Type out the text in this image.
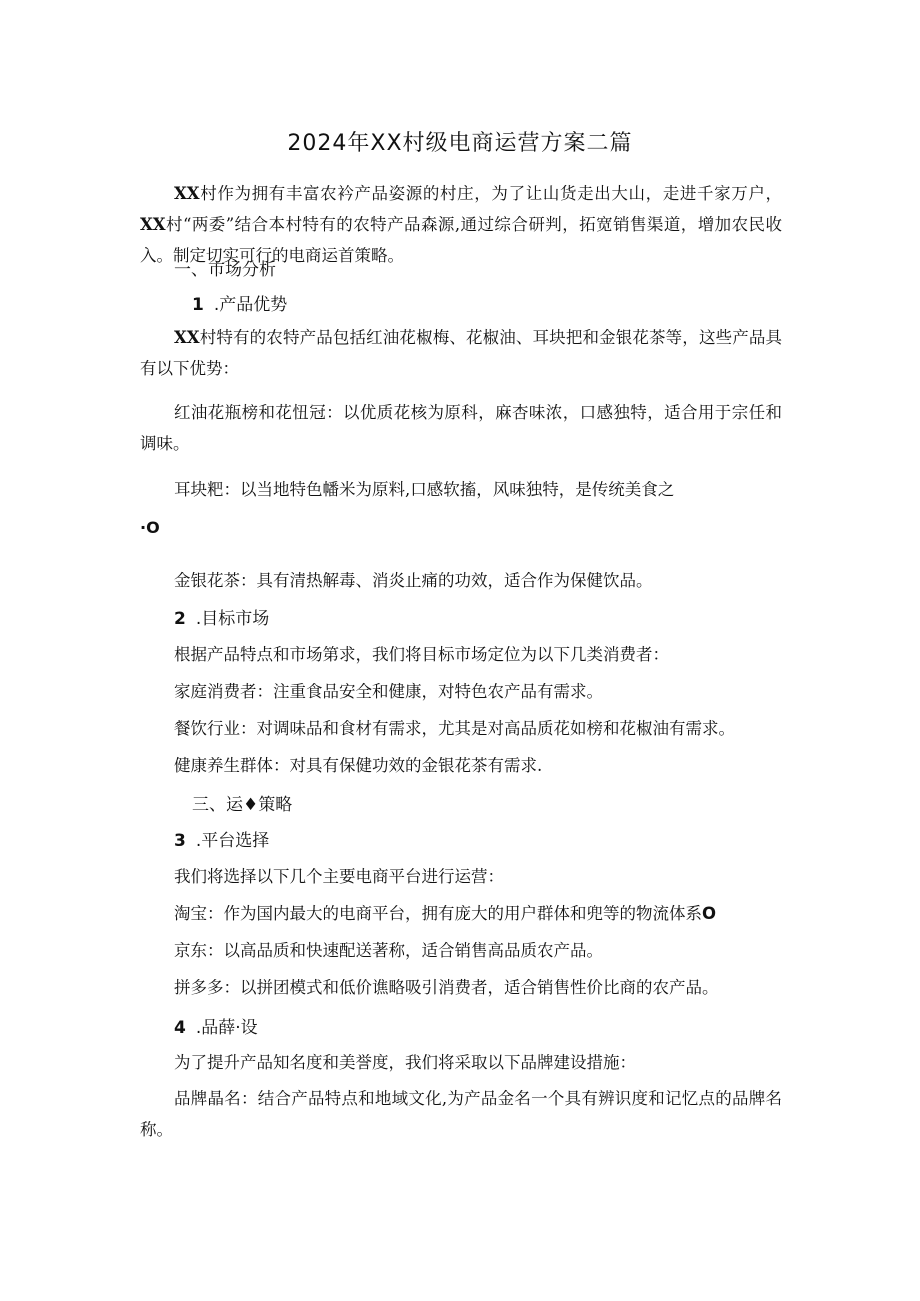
2024年XX村级电商运营方案二篇

XX村作为拥有丰富农衿产品姿源的村庄，为了让山货走出大山，走进千家万户，XX村“两委”结合本村特有的农特产品森源,通过综合研判，拓宽销售渠道，增加农民收入。制定切实可行的电商运首策略。

一、市场分析
1 .产品优势

XX村特有的农特产品包括红油花椒梅、花椒油、耳块把和金银花茶等，这些产品具有以下优势：

红油花瓶榜和花忸冠：以优质花核为原科，麻杏味浓，口感独特，适合用于宗任和调味。

耳块粑：以当地特色幡米为原料,口感软搐，风味独特，是传统美食之
·O
金银花茶：具有清热解毒、消炎止痛的功效，适合作为保健饮品。
2 .目标市场
根据产品特点和市场第求，我们将目标市场定位为以下几类消费者：
家庭消费者：注重食品安全和健康，对特色农产品有需求。
餐饮行业：对调味品和食材有需求，尤其是对高品质花如榜和花椒油有需求。
健康养生群体：对具有保健功效的金银花茶有需求.
三、运♦策略
3 .平台选择
我们将选择以下几个主要电商平台进行运营：
淘宝：作为国内最大的电商平台，拥有庞大的用户群体和兜等的物流体系O
京东：以高品质和快速配送著称，适合销售高品质农产品。
拼多多：以拼团模式和低价谯略吸引消费者，适合销售性价比商的农产品。
4 .品薛·设
为了提升产品知名度和美誉度，我们将采取以下品牌建设措施：

品牌晶名：结合产品特点和地域文化,为产品金名一个具有辨识度和记忆点的品牌名称。
